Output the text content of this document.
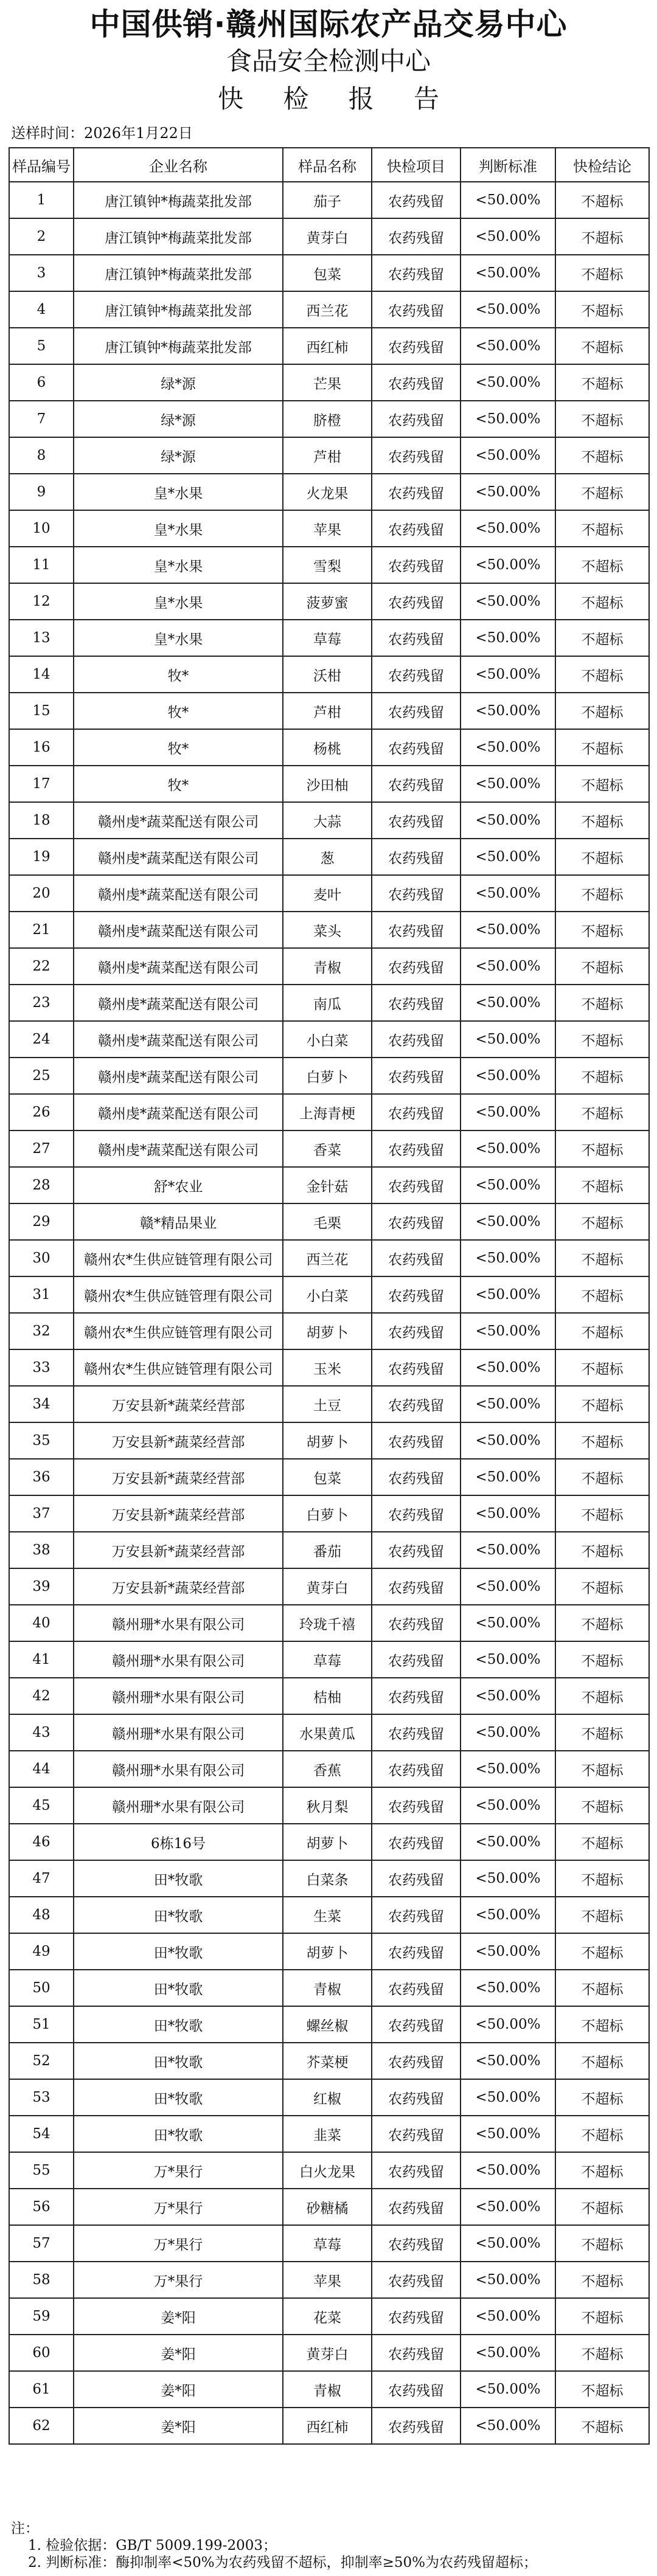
中国供销·赣州国际农产品交易中心
食品安全检测中心
快 检 报 告
送样时间：2026年1月22日
样品编号	企业名称	样品名称	快检项目	判断标准	快检结论
1	唐江镇钟*梅蔬菜批发部	茄子	农药残留	<50.00%	不超标
2	唐江镇钟*梅蔬菜批发部	黄芽白	农药残留	<50.00%	不超标
3	唐江镇钟*梅蔬菜批发部	包菜	农药残留	<50.00%	不超标
4	唐江镇钟*梅蔬菜批发部	西兰花	农药残留	<50.00%	不超标
5	唐江镇钟*梅蔬菜批发部	西红柿	农药残留	<50.00%	不超标
6	绿*源	芒果	农药残留	<50.00%	不超标
7	绿*源	脐橙	农药残留	<50.00%	不超标
8	绿*源	芦柑	农药残留	<50.00%	不超标
9	皇*水果	火龙果	农药残留	<50.00%	不超标
10	皇*水果	苹果	农药残留	<50.00%	不超标
11	皇*水果	雪梨	农药残留	<50.00%	不超标
12	皇*水果	菠萝蜜	农药残留	<50.00%	不超标
13	皇*水果	草莓	农药残留	<50.00%	不超标
14	牧*	沃柑	农药残留	<50.00%	不超标
15	牧*	芦柑	农药残留	<50.00%	不超标
16	牧*	杨桃	农药残留	<50.00%	不超标
17	牧*	沙田柚	农药残留	<50.00%	不超标
18	赣州虔*蔬菜配送有限公司	大蒜	农药残留	<50.00%	不超标
19	赣州虔*蔬菜配送有限公司	葱	农药残留	<50.00%	不超标
20	赣州虔*蔬菜配送有限公司	麦叶	农药残留	<50.00%	不超标
21	赣州虔*蔬菜配送有限公司	菜头	农药残留	<50.00%	不超标
22	赣州虔*蔬菜配送有限公司	青椒	农药残留	<50.00%	不超标
23	赣州虔*蔬菜配送有限公司	南瓜	农药残留	<50.00%	不超标
24	赣州虔*蔬菜配送有限公司	小白菜	农药残留	<50.00%	不超标
25	赣州虔*蔬菜配送有限公司	白萝卜	农药残留	<50.00%	不超标
26	赣州虔*蔬菜配送有限公司	上海青梗	农药残留	<50.00%	不超标
27	赣州虔*蔬菜配送有限公司	香菜	农药残留	<50.00%	不超标
28	舒*农业	金针菇	农药残留	<50.00%	不超标
29	赣*精品果业	毛栗	农药残留	<50.00%	不超标
30	赣州农*生供应链管理有限公司	西兰花	农药残留	<50.00%	不超标
31	赣州农*生供应链管理有限公司	小白菜	农药残留	<50.00%	不超标
32	赣州农*生供应链管理有限公司	胡萝卜	农药残留	<50.00%	不超标
33	赣州农*生供应链管理有限公司	玉米	农药残留	<50.00%	不超标
34	万安县新*蔬菜经营部	土豆	农药残留	<50.00%	不超标
35	万安县新*蔬菜经营部	胡萝卜	农药残留	<50.00%	不超标
36	万安县新*蔬菜经营部	包菜	农药残留	<50.00%	不超标
37	万安县新*蔬菜经营部	白萝卜	农药残留	<50.00%	不超标
38	万安县新*蔬菜经营部	番茄	农药残留	<50.00%	不超标
39	万安县新*蔬菜经营部	黄芽白	农药残留	<50.00%	不超标
40	赣州珊*水果有限公司	玲珑千禧	农药残留	<50.00%	不超标
41	赣州珊*水果有限公司	草莓	农药残留	<50.00%	不超标
42	赣州珊*水果有限公司	桔柚	农药残留	<50.00%	不超标
43	赣州珊*水果有限公司	水果黄瓜	农药残留	<50.00%	不超标
44	赣州珊*水果有限公司	香蕉	农药残留	<50.00%	不超标
45	赣州珊*水果有限公司	秋月梨	农药残留	<50.00%	不超标
46	6栋16号	胡萝卜	农药残留	<50.00%	不超标
47	田*牧歌	白菜条	农药残留	<50.00%	不超标
48	田*牧歌	生菜	农药残留	<50.00%	不超标
49	田*牧歌	胡萝卜	农药残留	<50.00%	不超标
50	田*牧歌	青椒	农药残留	<50.00%	不超标
51	田*牧歌	螺丝椒	农药残留	<50.00%	不超标
52	田*牧歌	芥菜梗	农药残留	<50.00%	不超标
53	田*牧歌	红椒	农药残留	<50.00%	不超标
54	田*牧歌	韭菜	农药残留	<50.00%	不超标
55	万*果行	白火龙果	农药残留	<50.00%	不超标
56	万*果行	砂糖橘	农药残留	<50.00%	不超标
57	万*果行	草莓	农药残留	<50.00%	不超标
58	万*果行	苹果	农药残留	<50.00%	不超标
59	姜*阳	花菜	农药残留	<50.00%	不超标
60	姜*阳	黄芽白	农药残留	<50.00%	不超标
61	姜*阳	青椒	农药残留	<50.00%	不超标
62	姜*阳	西红柿	农药残留	<50.00%	不超标
注：
1. 检验依据：GB/T 5009.199-2003；
2. 判断标准：酶抑制率<50%为农药残留不超标，抑制率≥50%为农药残留超标；
